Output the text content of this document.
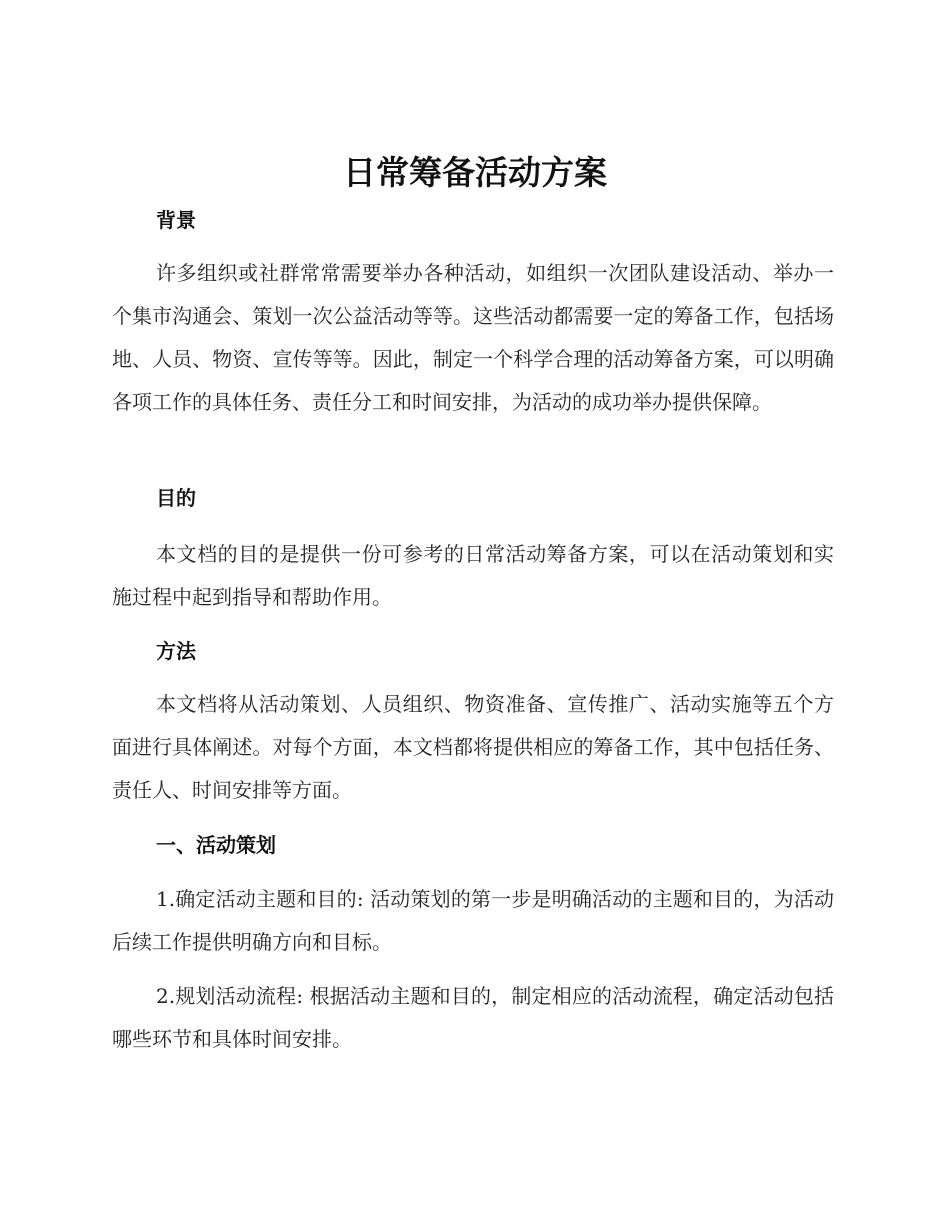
日常筹备活动方案
背景

许多组织或社群常常需要举办各种活动，如组织一次团队建设活动、举办一个集市沟通会、策划一次公益活动等等。这些活动都需要一定的筹备工作，包括场地、人员、物资、宣传等等。因此，制定一个科学合理的活动筹备方案，可以明确各项工作的具体任务、责任分工和时间安排，为活动的成功举办提供保障。

目的

本文档的目的是提供一份可参考的日常活动筹备方案，可以在活动策划和实施过程中起到指导和帮助作用。

方法

本文档将从活动策划、人员组织、物资准备、宣传推广、活动实施等五个方面进行具体阐述。对每个方面，本文档都将提供相应的筹备工作，其中包括任务、责任人、时间安排等方面。

一、活动策划

1.确定活动主题和目的: 活动策划的第一步是明确活动的主题和目的，为活动后续工作提供明确方向和目标。

2.规划活动流程: 根据活动主题和目的，制定相应的活动流程，确定活动包括哪些环节和具体时间安排。
